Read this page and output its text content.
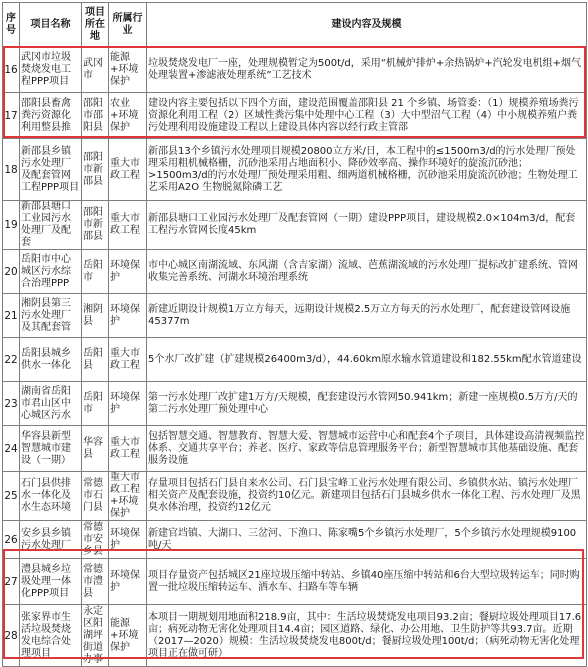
序号	项目名称	项目所在地	所属行业	建设内容及规模
16	武冈市垃圾焚烧发电工程PPP项目	武冈市	能源+环境保护	垃圾焚烧发电厂一座，处理规模暂定为500t/d，采用“机械炉排炉+余热锅炉+汽轮发电机组+烟气处理装置+渗滤液处理系统”工艺技术
17	邵阳县畜禽粪污资源化利用整县推	邵阳市邵阳县	农业+环境保护	建设内容主要包括以下四个方面，建设范围覆盖邵阳县 21 个乡镇、场管委：（1）规模养殖场粪污资源化利用工程（2）区域性粪污集中处理中心工程（3）大中型沼气工程（4）中小规模养殖户粪污处理利用设施建设工程以上建设具体内容以经行政主管部
18	新邵县乡镇污水处理厂及配套管网工程PPP项目	邵阳市新邵县	重大市政工程	新邵县13个乡镇污水处理项目规模20800立方米/日，本工程中的≤1500m3/d的污水处理厂预处理采用粗机械格栅，沉砂池采用占地面积小、降砂效率高、操作环境好的旋流沉砂池；>1500m3/d的污水处理厂预处理采用粗、细两道机械格栅，沉砂池采用旋流沉砂池；生物处理工艺采用A2O 生物脱氮除磷工艺
19	新邵县塘口工业园污水处理厂及配套	邵阳市新邵县	重大市政工程	新邵县塘口工业园污水处理厂及配套管网（一期）建设PPP项目，建设规模2.0×104m3/d，配套工程污水管网长度45km
20	岳阳市中心城区污水综合治理PPP	岳阳市	环境保护	市中心城区南湖流域、东风湖（含吉家湖）流域、芭蕉湖流域的污水处理厂提标改扩建系统、管网收集完善系统、河湖水环境治理系统
21	湘阴县第三污水处理厂及其配套管	湘阴县	环境保护	新建近期设计规模1万立方每天，远期设计规模2.5万立方每天的污水处理厂，配套建设管网设施45377m
22	岳阳县城乡供水一体化	岳阳县	重大市政工程	5个水厂改扩建（扩建规模26400m3/d），44.60km原水输水管道建设和182.55km配水管道建设
23	湖南省岳阳市君山区中心城区污水	岳阳市	环境保护	第一污水处理厂改扩建1万方/天规模，配套建设污水管网50.941km；新建一座规模0.5万方/天的第二污水处理厂预处理中心
24	华容县新型智慧城市建设（一期）	华容县	重大市政工程	包括智慧交通、智慧教育、智慧大爱、智慧城市运营中心和配套4个子项目，具体建设高清视频监控体系、交通共享平台；养老、医疗、家政等信息管理服务平台；新型智慧城市其他基础设施、配套服务设施
25	石门县供排水一体化及水生态环境	常德市石门县	重大市政工程+环境保护	存量项目包括石门县自来水公司、石门县宝峰工业污水处理有限公司、乡镇供水站、镇污水处理厂相关资产及配套设施，投资约10亿元。新建项目包括石门县城乡供水一体化工程、污水处理厂及黑臭水体治理，投资约12亿元
26	安乡县乡镇污水处理厂	常德市安乡县	环境保护	新建官垱镇、大湖口、三岔河、下渔口、陈家嘴5个乡镇污水处理厂，5个乡镇污水处理规模9100吨/天
27	澧县城乡垃圾处理一体化PPP项目	常德市澧县	环境保护	项目存量资产包括城区21座垃圾压缩中转站、乡镇40座压缩中转站和6台大型垃圾转运车；同时购置一批垃圾压缩转运车、洒水车、扫路车等车辆
28	张家界市生活垃圾焚烧发电综合处理项目	永定区阳湖坪街道办事	能源+环境保护	本项目一期规划用地面积218.9亩，其中：生活垃圾焚烧发电项目93.2亩；餐厨垃圾处理项目17.6亩；病死动物无害化处理项目14.4亩；园区道路、绿化、办公用地、卫生防护等共93.7亩。近期（2017—2020）规模：生活垃圾焚烧发电800t/d；餐厨垃圾处理100t/d；（病死动物无害化处理项目正在做可研）
